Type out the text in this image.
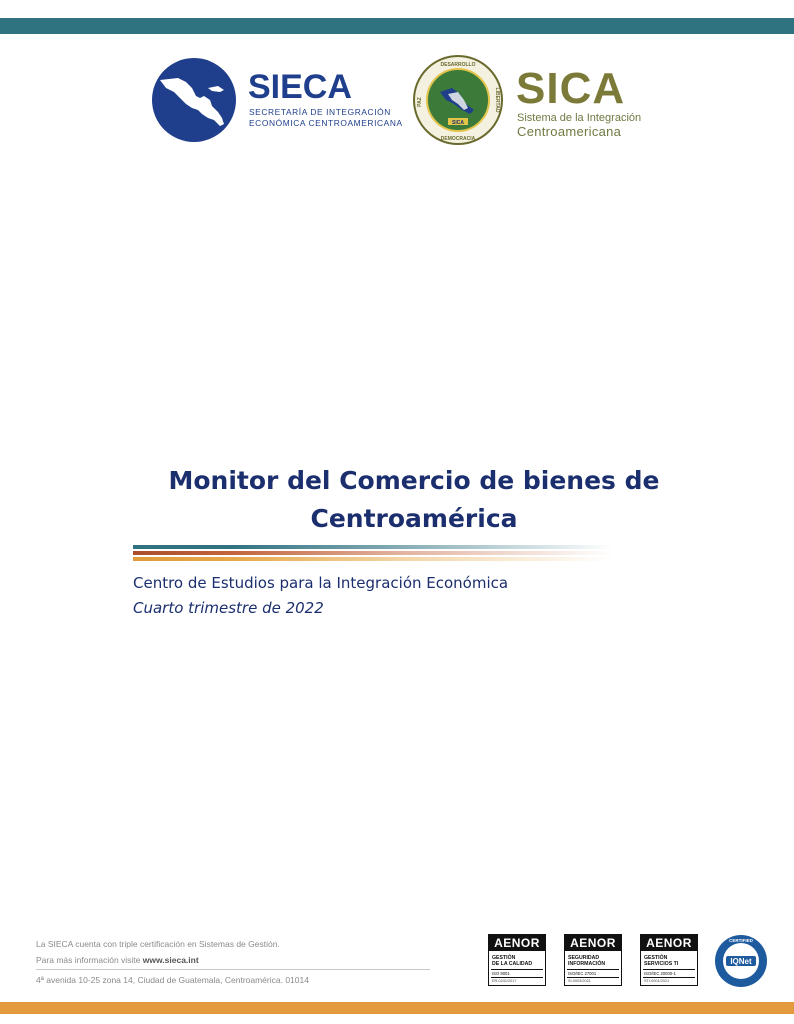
SIECA
SECRETARÍA DE INTEGRACIÓN
ECONÓMICA CENTROAMERICANA
DESARROLLO
DEMOCRACIA
PAZ	LIBERTAD
SICA
SICA
Sistema de la Integración
Centroamericana
Monitor del Comercio de bienes de
Centroamérica
Centro de Estudios para la Integración Económica
Cuarto trimestre de 2022
La SIECA cuenta con triple certificación en Sistemas de Gestión.
Para más información visite www.sieca.int
4ª avenida 10-25 zona 14, Ciudad de Guatemala, Centroamérica. 01014
AENOR
GESTIÓN
DE LA CALIDAD
ISO 9001
ER-0241/2017
AENOR
SEGURIDAD
INFORMACIÓN
ISO/IEC 27001
SI-0003/2021
AENOR
GESTIÓN
SERVICIOS TI
ISO/IEC 20000-1
STI-0001/2021
IQNet
CERTIFIED
